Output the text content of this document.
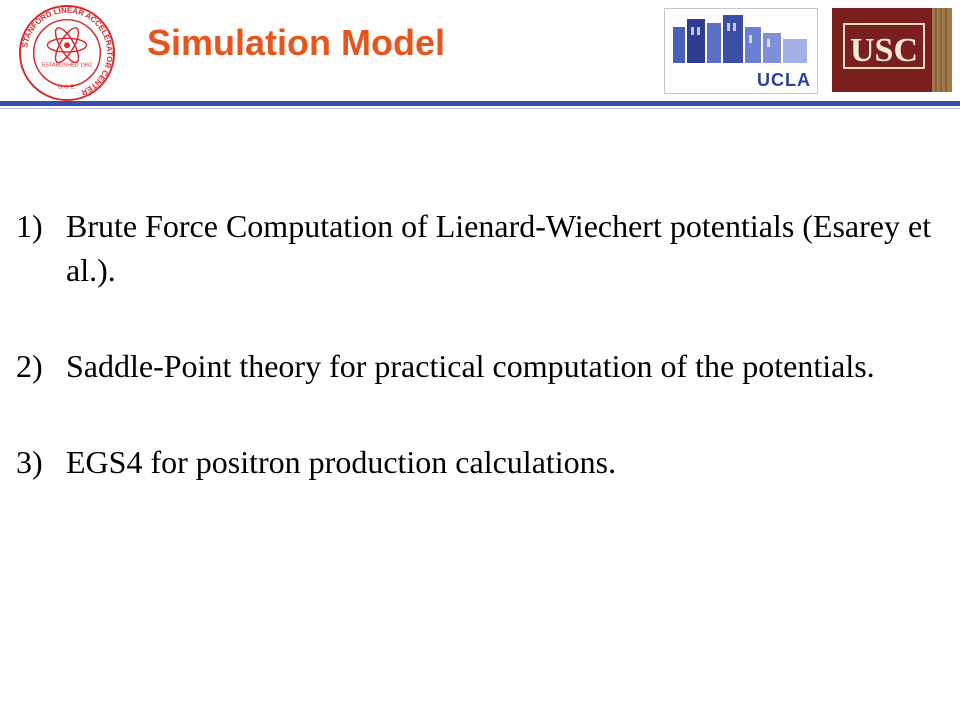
STANFORD LINEAR ACCELERATOR CENTER
ESTABLISHED 1962
D.O.E.
Simulation Model
UCLA
USC
1) Brute Force Computation of Lienard-Wiechert potentials (Esarey et al.).
2) Saddle-Point theory for practical computation of the potentials.
3) EGS4 for positron production calculations.
